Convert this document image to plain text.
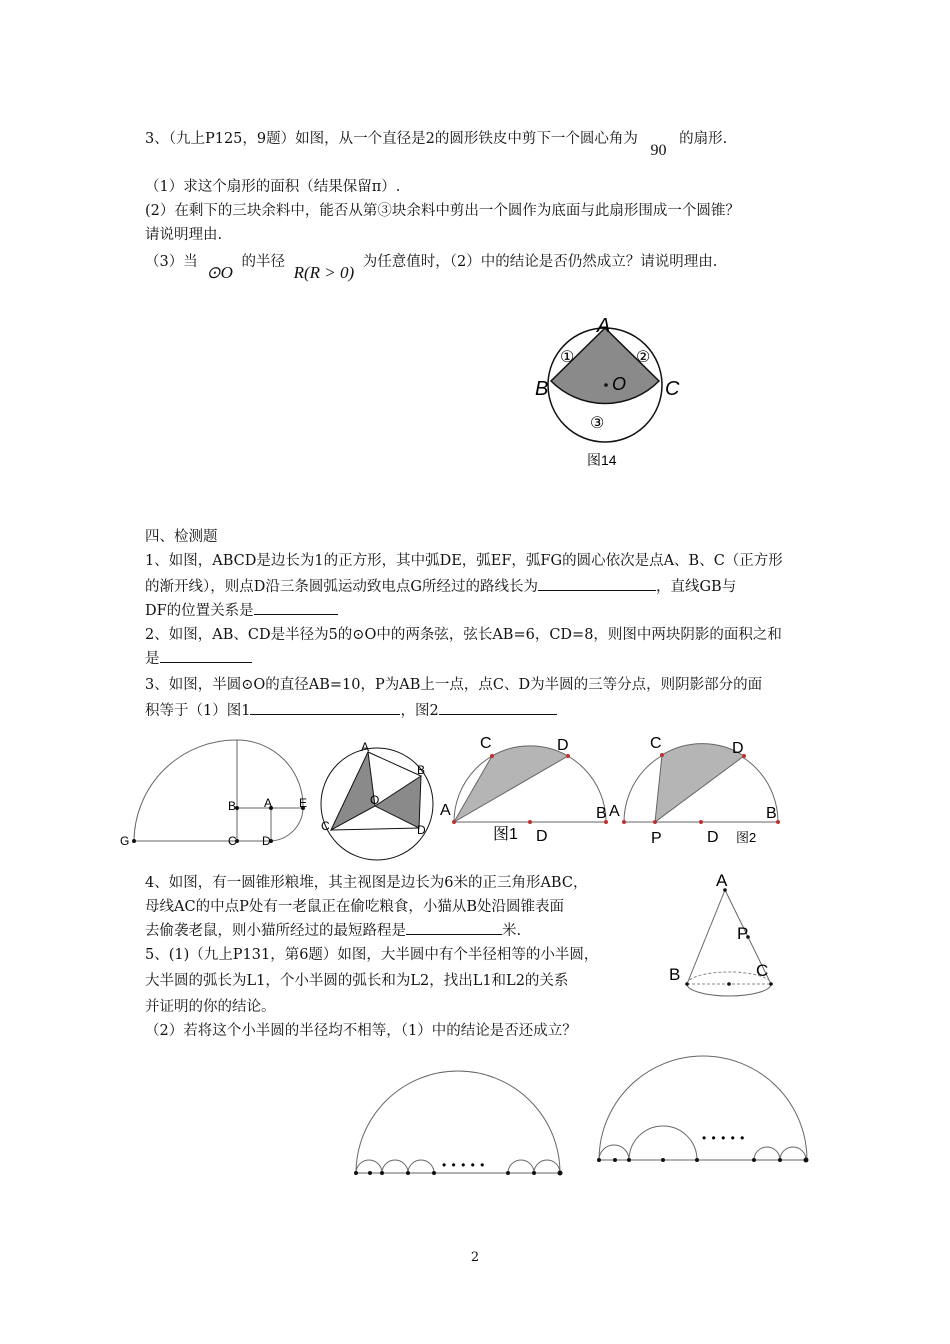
3、（九上P125，9题）如图，从一个直径是2的圆形铁皮中剪下一个圆心角为 90 的扇形.
（1）求这个扇形的面积（结果保留π）.
(2）在剩下的三块余料中，能否从第③块余料中剪出一个圆作为底面与此扇形围成一个圆锥？
请说明理由.
（3）当 ⊙O 的半径 R(R > 0) 为任意值时，（2）中的结论是否仍然成立？请说明理由.
A
B	C
O
①	②
③
图14
四、检测题
1、如图，ABCD是边长为1的正方形，其中弧DE，弧EF，弧FG的圆心依次是点A、B、C（正方形
的渐开线），则点D沿三条圆弧运动致电点G所经过的路线长为	，直线GB与
DF的位置关系是
2、如图，AB、CD是半径为5的⊙O中的两条弦，弦长AB=6，CD=8，则图中两块阴影的面积之和
是
3、如图，半圆⊙O的直径AB=10，P为AB上一点，点C、D为半圆的三等分点，则阴影部分的面
积等于（1）图1	，图2
G
B A E
C D
A
B
O
C	D
C	D
A	B
图1 D
C	D
A	B
P	D 图2
4、如图，有一圆锥形粮堆，其主视图是边长为6米的正三角形ABC，
母线AC的中点P处有一老鼠正在偷吃粮食，小猫从B处沿圆锥表面
去偷袭老鼠，则小猫所经过的最短路程是	米.
A
P
B	C
5、(1)（九上P131，第6题）如图，大半圆中有个半径相等的小半圆，
大半圆的弧长为L1，个小半圆的弧长和为L2，找出L1和L2的关系
并证明的你的结论。
（2）若将这个小半圆的半径均不相等，（1）中的结论是否还成立？
• • • • •
• • • • •
2
